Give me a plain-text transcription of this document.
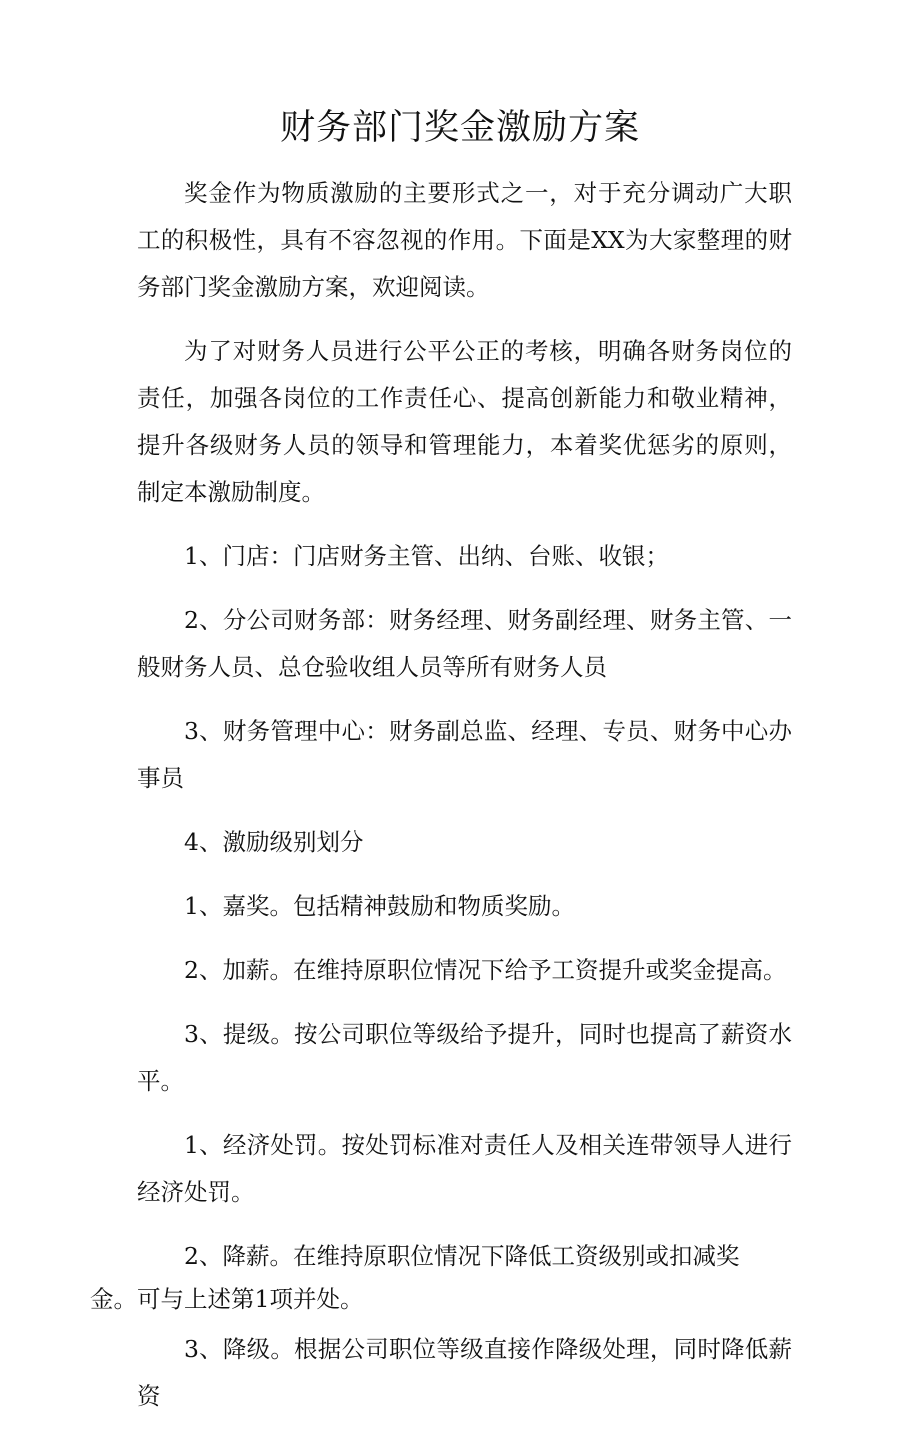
财务部门奖金激励方案

奖金作为物质激励的主要形式之一，对于充分调动广大职工的积极性，具有不容忽视的作用。下面是XX为大家整理的财务部门奖金激励方案，欢迎阅读。

为了对财务人员进行公平公正的考核，明确各财务岗位的责任，加强各岗位的工作责任心、提高创新能力和敬业精神，提升各级财务人员的领导和管理能力，本着奖优惩劣的原则，制定本激励制度。

1、门店：门店财务主管、出纳、台账、收银；

2、分公司财务部：财务经理、财务副经理、财务主管、一般财务人员、总仓验收组人员等所有财务人员

3、财务管理中心：财务副总监、经理、专员、财务中心办事员

4、激励级别划分

1、嘉奖。包括精神鼓励和物质奖励。

2、加薪。在维持原职位情况下给予工资提升或奖金提高。

3、提级。按公司职位等级给予提升，同时也提高了薪资水平。

1、经济处罚。按处罚标准对责任人及相关连带领导人进行经济处罚。

2、降薪。在维持原职位情况下降低工资级别或扣减奖
金。可与上述第1项并处。

3、降级。根据公司职位等级直接作降级处理，同时降低薪资
